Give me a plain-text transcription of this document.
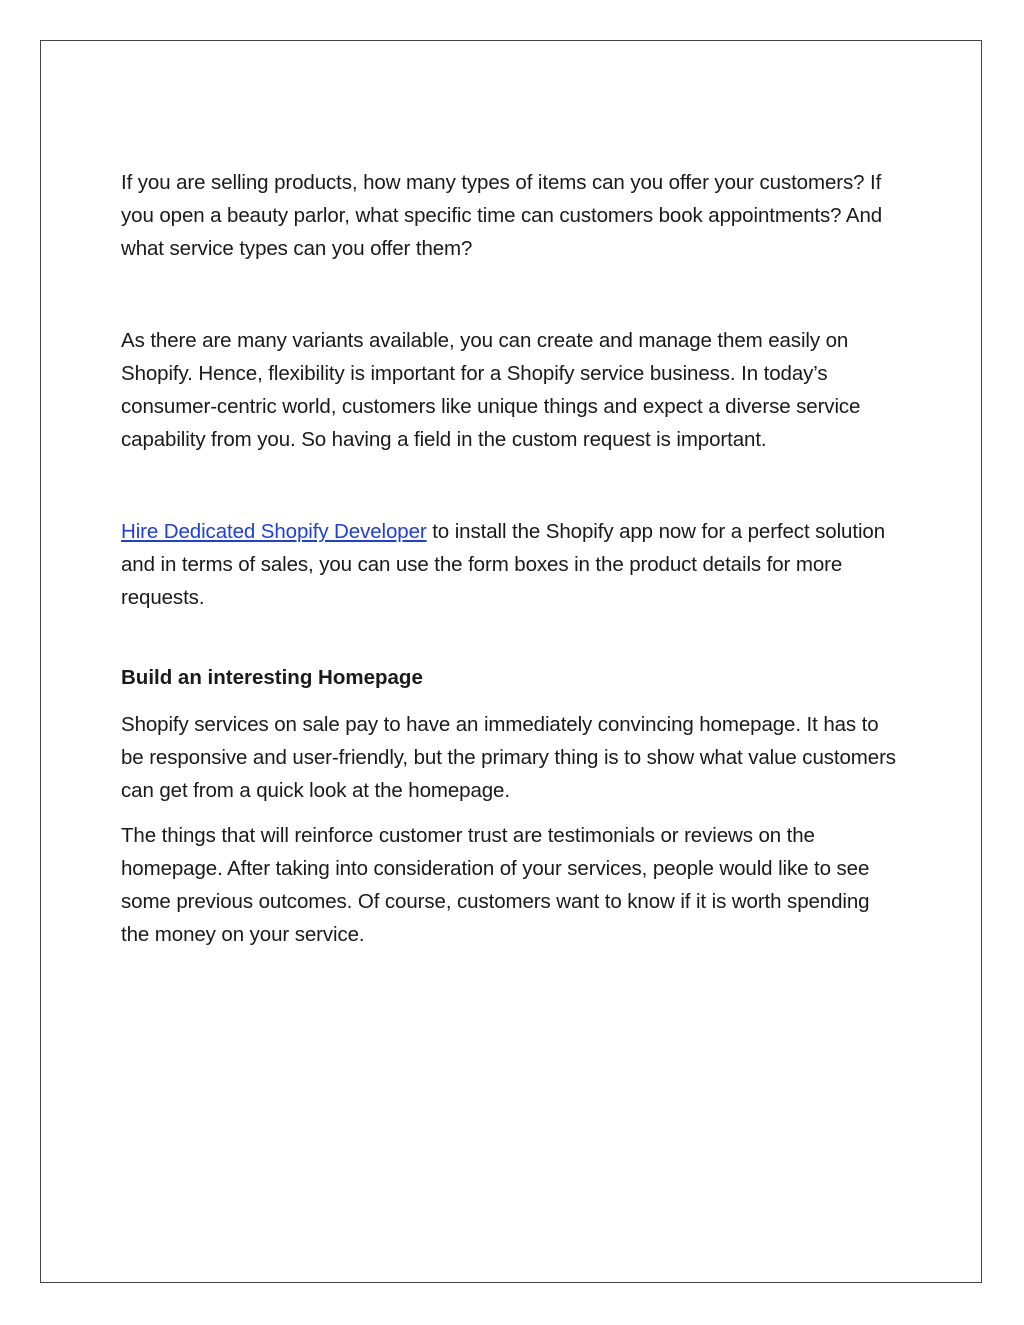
If you are selling products, how many types of items can you offer your customers? If you open a beauty parlor, what specific time can customers book appointments? And what service types can you offer them?

As there are many variants available, you can create and manage them easily on Shopify. Hence, flexibility is important for a Shopify service business. In today’s consumer-centric world, customers like unique things and expect a diverse service capability from you. So having a field in the custom request is important.

Hire Dedicated Shopify Developer to install the Shopify app now for a perfect solution and in terms of sales, you can use the form boxes in the product details for more requests.

Build an interesting Homepage

Shopify services on sale pay to have an immediately convincing homepage. It has to be responsive and user-friendly, but the primary thing is to show what value customers can get from a quick look at the homepage.

The things that will reinforce customer trust are testimonials or reviews on the homepage. After taking into consideration of your services, people would like to see some previous outcomes. Of course, customers want to know if it is worth spending the money on your service.
